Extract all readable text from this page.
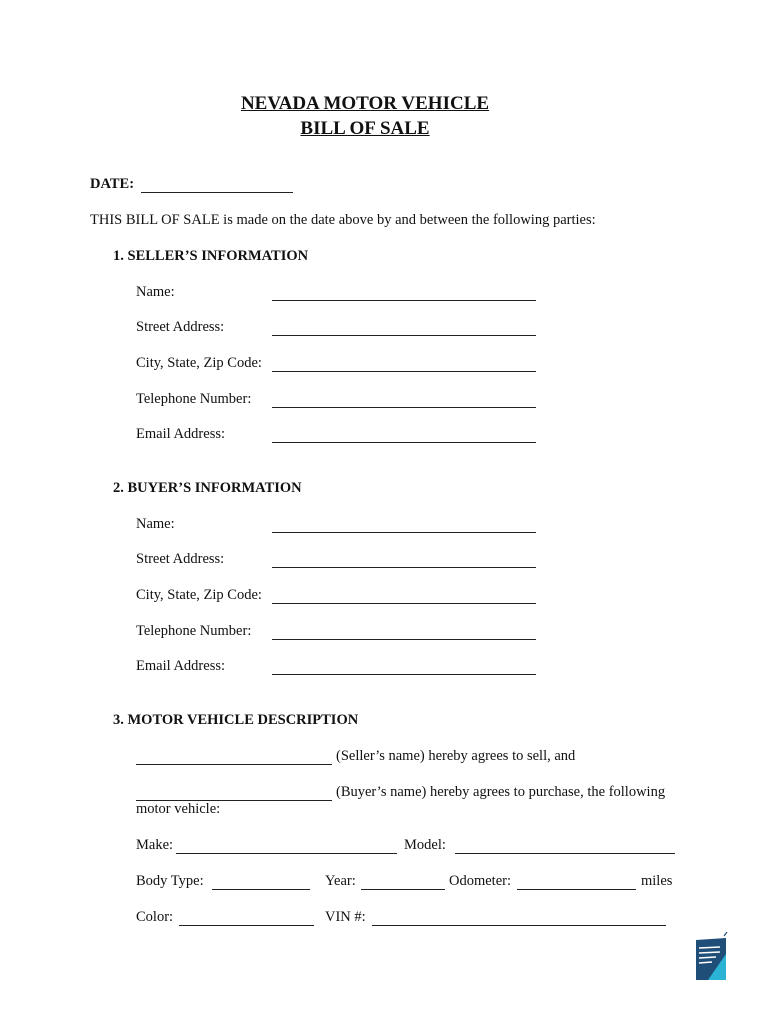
NEVADA MOTOR VEHICLE
BILL OF SALE
DATE:
THIS BILL OF SALE is made on the date above by and between the following parties:
1. SELLER’S INFORMATION
Name:
Street Address:
City, State, Zip Code:
Telephone Number:
Email Address:
2. BUYER’S INFORMATION
Name:
Street Address:
City, State, Zip Code:
Telephone Number:
Email Address:
3. MOTOR VEHICLE DESCRIPTION
(Seller’s name) hereby agrees to sell, and
(Buyer’s name) hereby agrees to purchase, the following
motor vehicle:
Make:	Model:
Body Type:	Year:	Odometer:	miles
Color:	VIN #:
